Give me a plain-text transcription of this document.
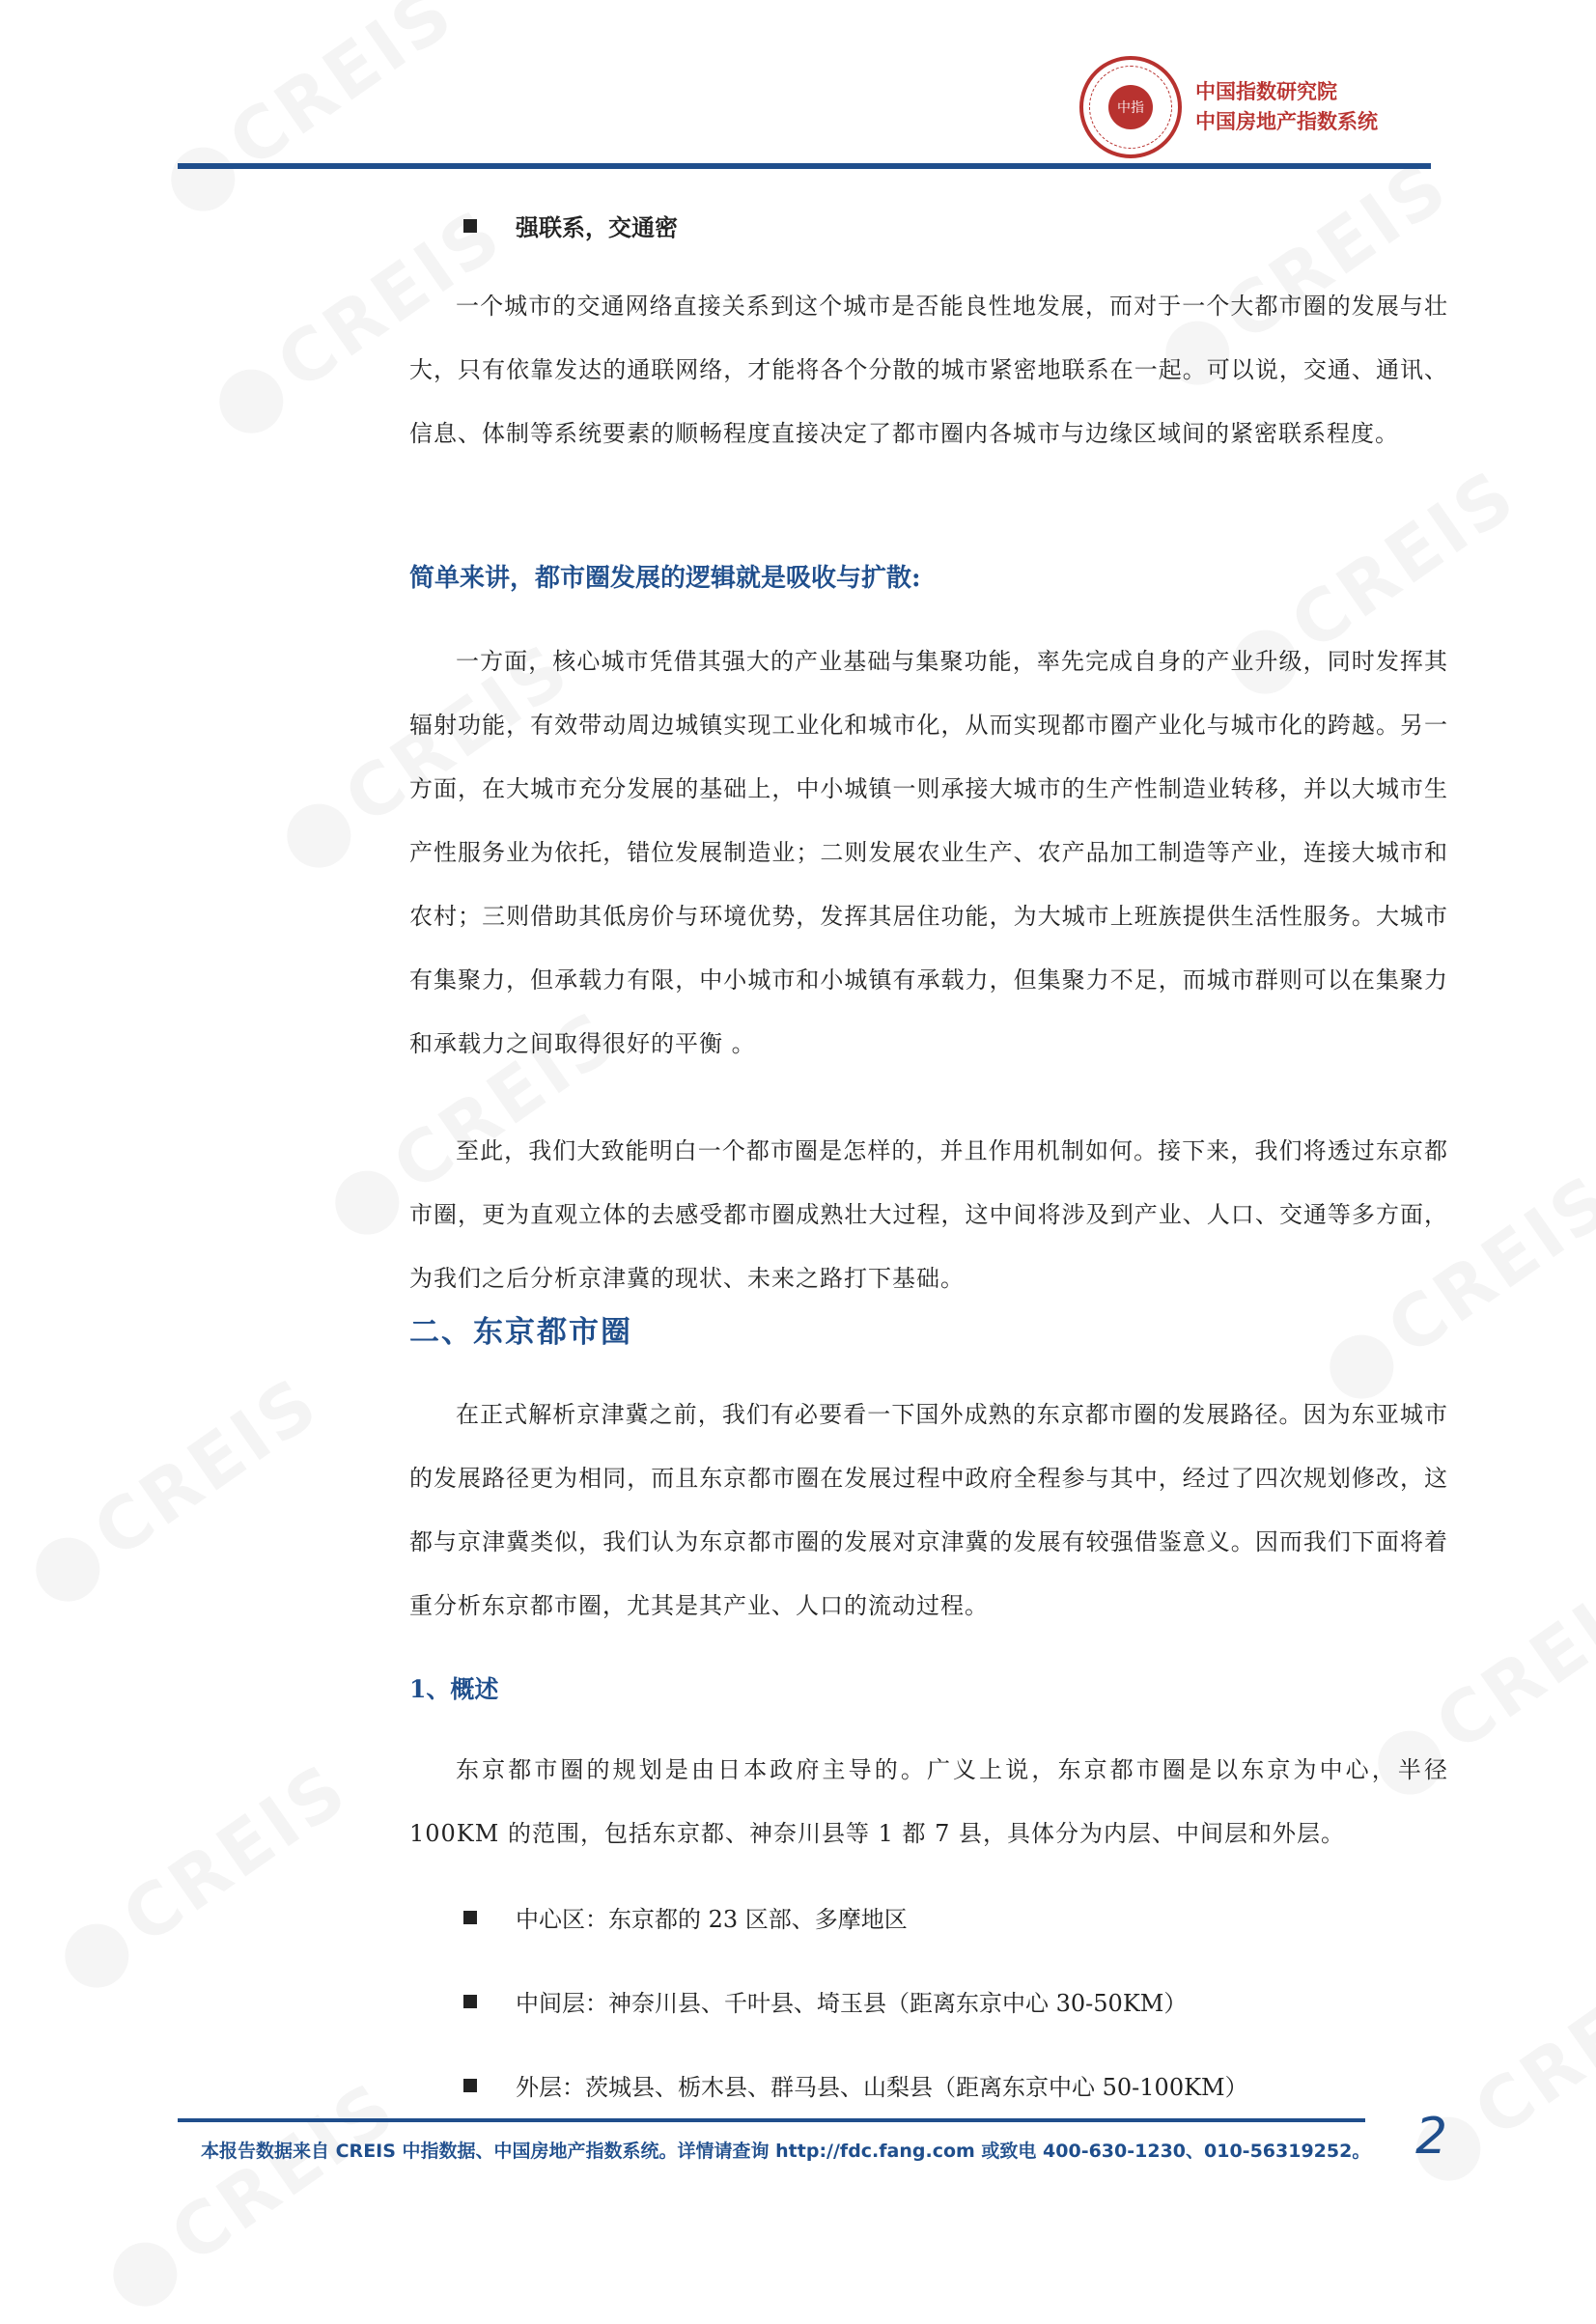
中指
中国指数研究院
中国房地产指数系统
强联系，交通密

一个城市的交通网络直接关系到这个城市是否能良性地发展，而对于一个大都市圈的发展与壮大，只有依靠发达的通联网络，才能将各个分散的城市紧密地联系在一起。可以说，交通、通讯、信息、体制等系统要素的顺畅程度直接决定了都市圈内各城市与边缘区域间的紧密联系程度。

简单来讲，都市圈发展的逻辑就是吸收与扩散:

一方面，核心城市凭借其强大的产业基础与集聚功能，率先完成自身的产业升级，同时发挥其辐射功能，有效带动周边城镇实现工业化和城市化，从而实现都市圈产业化与城市化的跨越。另一方面，在大城市充分发展的基础上，中小城镇一则承接大城市的生产性制造业转移，并以大城市生产性服务业为依托，错位发展制造业；二则发展农业生产、农产品加工制造等产业，连接大城市和农村；三则借助其低房价与环境优势，发挥其居住功能，为大城市上班族提供生活性服务。大城市有集聚力，但承载力有限，中小城市和小城镇有承载力，但集聚力不足，而城市群则可以在集聚力和承载力之间取得很好的平衡 。

至此，我们大致能明白一个都市圈是怎样的，并且作用机制如何。接下来，我们将透过东京都市圈，更为直观立体的去感受都市圈成熟壮大过程，这中间将涉及到产业、人口、交通等多方面，为我们之后分析京津冀的现状、未来之路打下基础。

二、东京都市圈

在正式解析京津冀之前，我们有必要看一下国外成熟的东京都市圈的发展路径。因为东亚城市的发展路径更为相同，而且东京都市圈在发展过程中政府全程参与其中，经过了四次规划修改，这都与京津冀类似，我们认为东京都市圈的发展对京津冀的发展有较强借鉴意义。因而我们下面将着重分析东京都市圈，尤其是其产业、人口的流动过程。

1、概述

东京都市圈的规划是由日本政府主导的。广义上说，东京都市圈是以东京为中心，半径 100KM 的范围，包括东京都、神奈川县等 1 都 7 县，具体分为内层、中间层和外层。

中心区：东京都的 23 区部、多摩地区
中间层：神奈川县、千叶县、埼玉县（距离东京中心 30-50KM）
外层：茨城县、栃木县、群马县、山梨县（距离东京中心 50-100KM）
本报告数据来自 CREIS 中指数据、中国房地产指数系统。详情请查询 http://fdc.fang.com 或致电 400-630-1230、010-56319252。 2
